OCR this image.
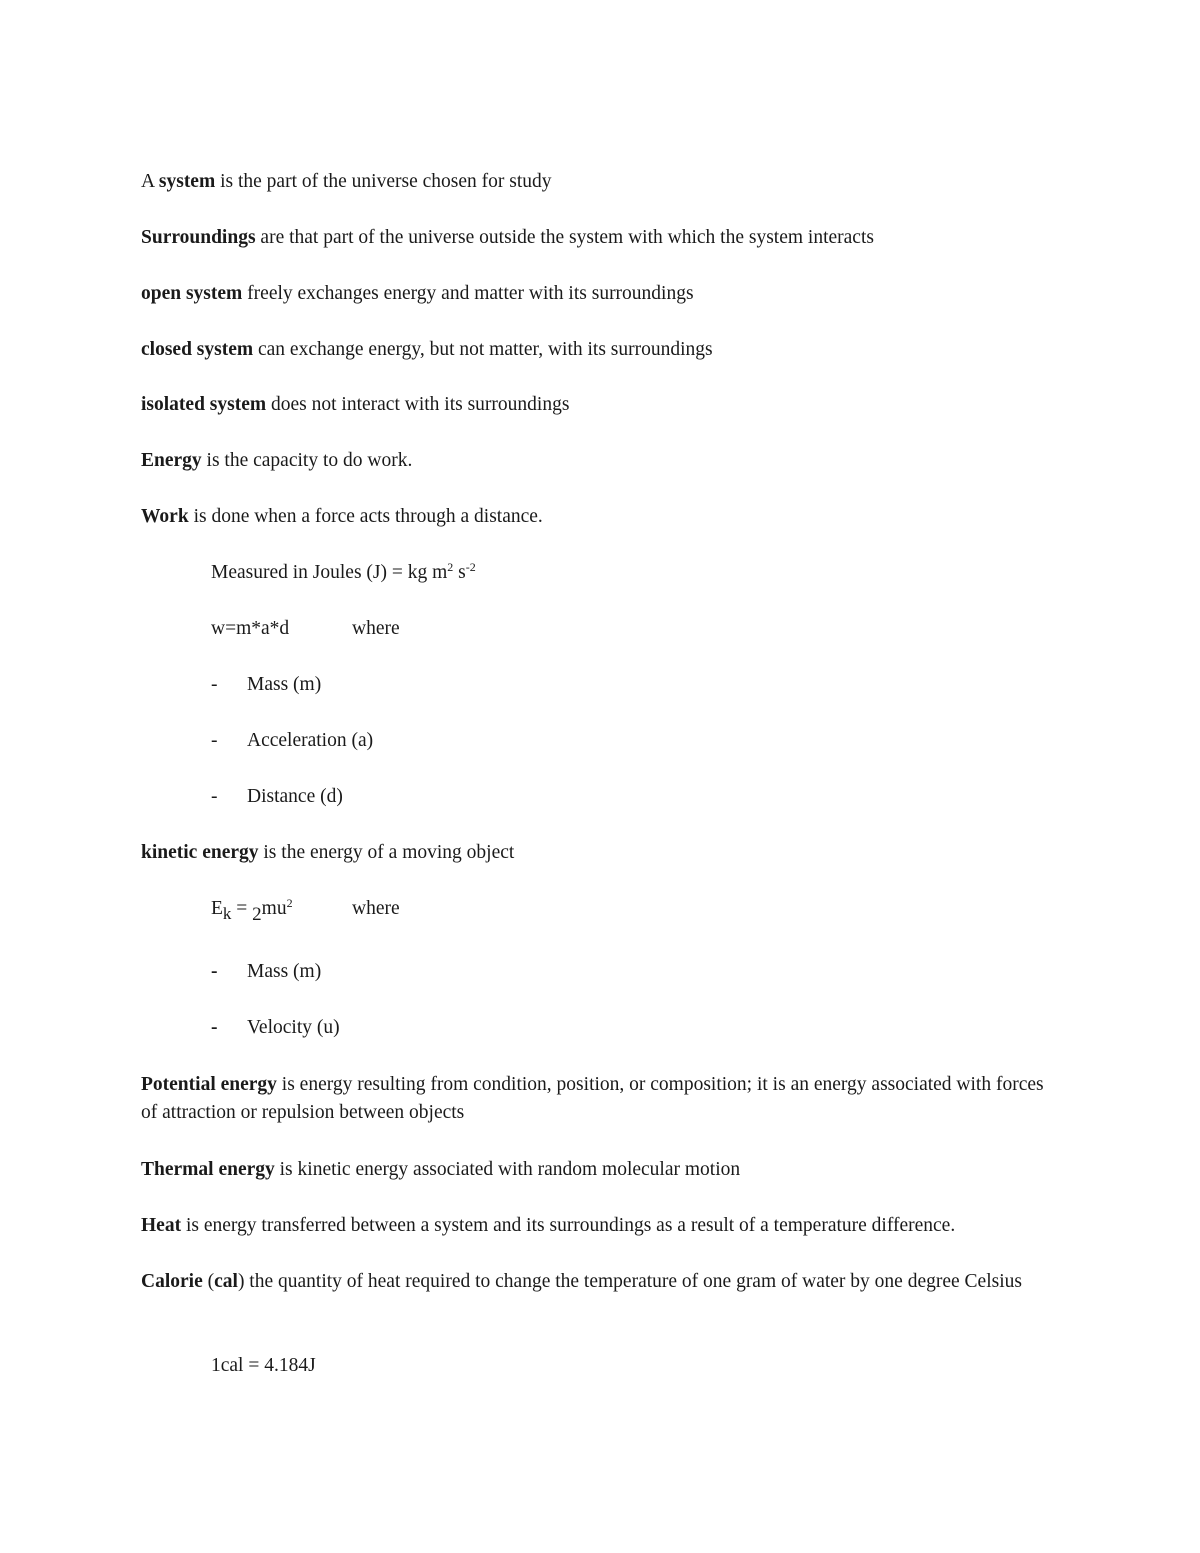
A system is the part of the universe chosen for study
Surroundings are that part of the universe outside the system with which the system interacts
open system freely exchanges energy and matter with its surroundings
closed system can exchange energy, but not matter, with its surroundings
isolated system does not interact with its surroundings
Energy is the capacity to do work.
Work is done when a force acts through a distance.
Measured in Joules (J) = kg $m^2$ $s^{-2}$
w=m*a*d	where
- Mass (m)
- Acceleration (a)
- Distance (d)
kinetic energy is the energy of a moving object
$E_k = 2mu^2$	where
- Mass (m)
- Velocity (u)
Potential energy is energy resulting from condition, position, or composition; it is an energy associated with forces of attraction or repulsion between objects
Thermal energy is kinetic energy associated with random molecular motion
Heat is energy transferred between a system and its surroundings as a result of a temperature difference.
Calorie (cal) the quantity of heat required to change the temperature of one gram of water by one degree Celsius
1cal = 4.184J
